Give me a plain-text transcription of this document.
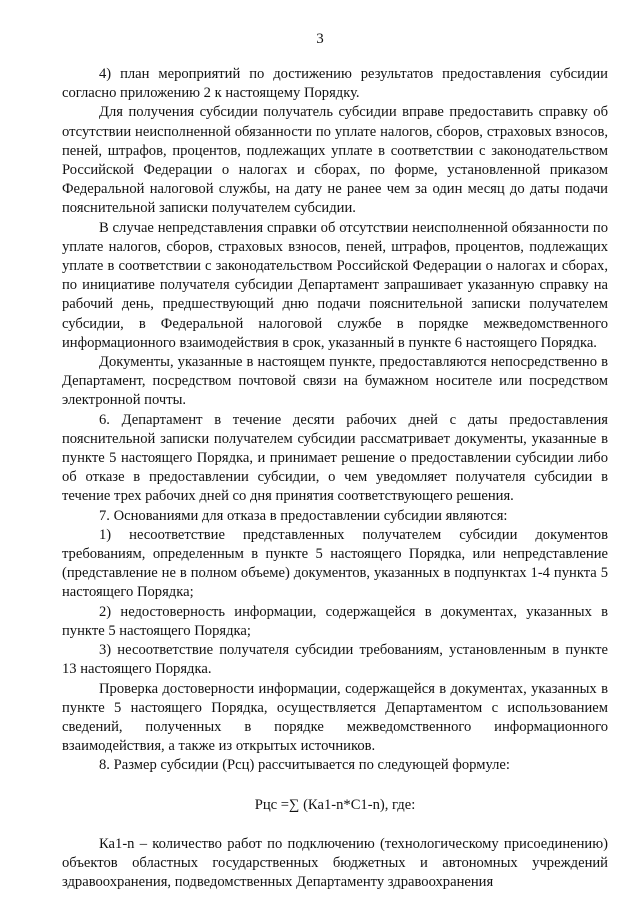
3

4) план мероприятий по достижению результатов предоставления субсидии согласно приложению 2 к настоящему Порядку.

Для получения субсидии получатель субсидии вправе предоставить справку об отсутствии неисполненной обязанности по уплате налогов, сборов, страховых взносов, пеней, штрафов, процентов, подлежащих уплате в соответствии с законодательством Российской Федерации о налогах и сборах, по форме, установленной приказом Федеральной налоговой службы, на дату не ранее чем за один месяц до даты подачи пояснительной записки получателем субсидии.

В случае непредставления справки об отсутствии неисполненной обязанности по уплате налогов, сборов, страховых взносов, пеней, штрафов, процентов, подлежащих уплате в соответствии с законодательством Российской Федерации о налогах и сборах, по инициативе получателя субсидии Департамент запрашивает указанную справку на рабочий день, предшествующий дню подачи пояснительной записки получателем субсидии, в Федеральной налоговой службе в порядке межведомственного информационного взаимодействия в срок, указанный в пункте 6 настоящего Порядка.

Документы, указанные в настоящем пункте, предоставляются непосредственно в Департамент, посредством почтовой связи на бумажном носителе или посредством электронной почты.

6. Департамент в течение десяти рабочих дней с даты предоставления пояснительной записки получателем субсидии рассматривает документы, указанные в пункте 5 настоящего Порядка, и принимает решение о предоставлении субсидии либо об отказе в предоставлении субсидии, о чем уведомляет получателя субсидии в течение трех рабочих дней со дня принятия соответствующего решения.

7. Основаниями для отказа в предоставлении субсидии являются:

1) несоответствие представленных получателем субсидии документов требованиям, определенным в пункте 5 настоящего Порядка, или непредставление (представление не в полном объеме) документов, указанных в подпунктах 1-4 пункта 5 настоящего Порядка;

2) недостоверность информации, содержащейся в документах, указанных в пункте 5 настоящего Порядка;

3) несоответствие получателя субсидии требованиям, установленным в пункте 13 настоящего Порядка.

Проверка достоверности информации, содержащейся в документах, указанных в пункте 5 настоящего Порядка, осуществляется Департаментом с использованием сведений, полученных в порядке межведомственного информационного взаимодействия, а также из открытых источников.

8. Размер субсидии (Рсц) рассчитывается по следующей формуле:

Рцс =∑ (Ка1-n*С1-n), где:

Ка1-n – количество работ по подключению (технологическому присоединению) объектов областных государственных бюджетных и автономных учреждений здравоохранения, подведомственных Департаменту здравоохранения
